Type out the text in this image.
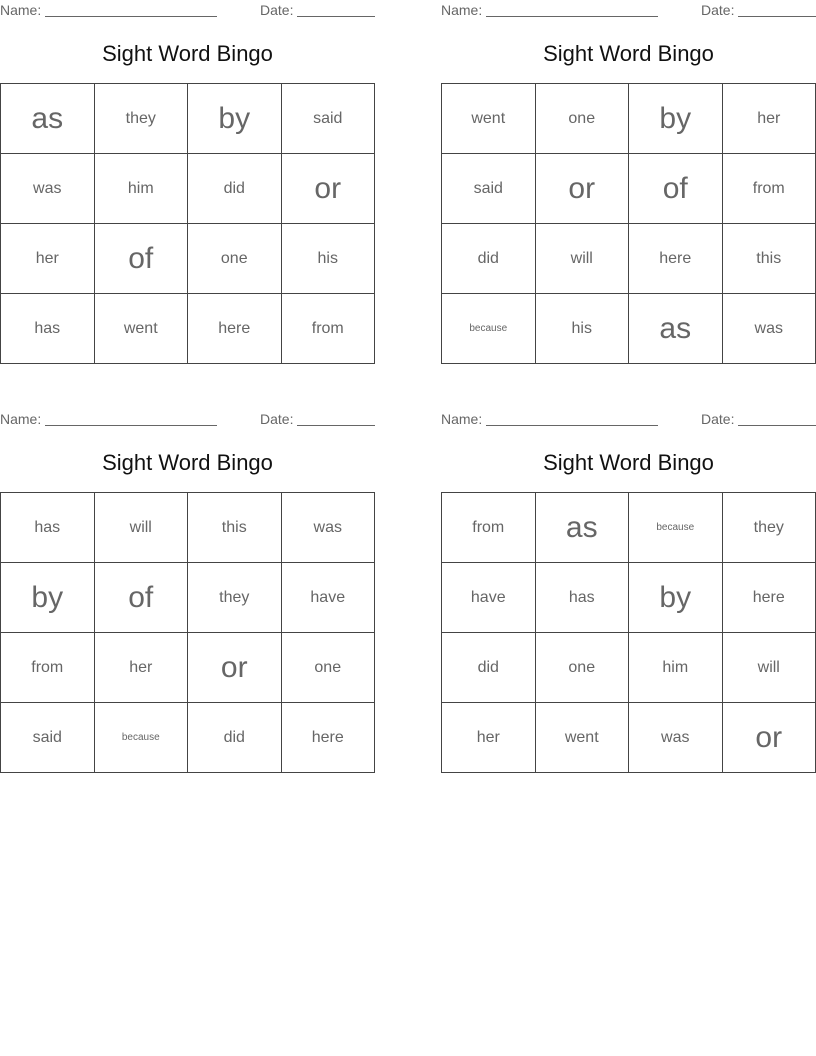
Name:	Date:
Sight Word Bingo
as	they	by	said
was	him	did	or
her	of	one	his
has	went	here	from
Name:	Date:
Sight Word Bingo
went	one	by	her
said	or	of	from
did	will	here	this
because	his	as	was
Name:	Date:
Sight Word Bingo
has	will	this	was
by	of	they	have
from	her	or	one
said	because	did	here
Name:	Date:
Sight Word Bingo
from	as	because	they
have	has	by	here
did	one	him	will
her	went	was	or
